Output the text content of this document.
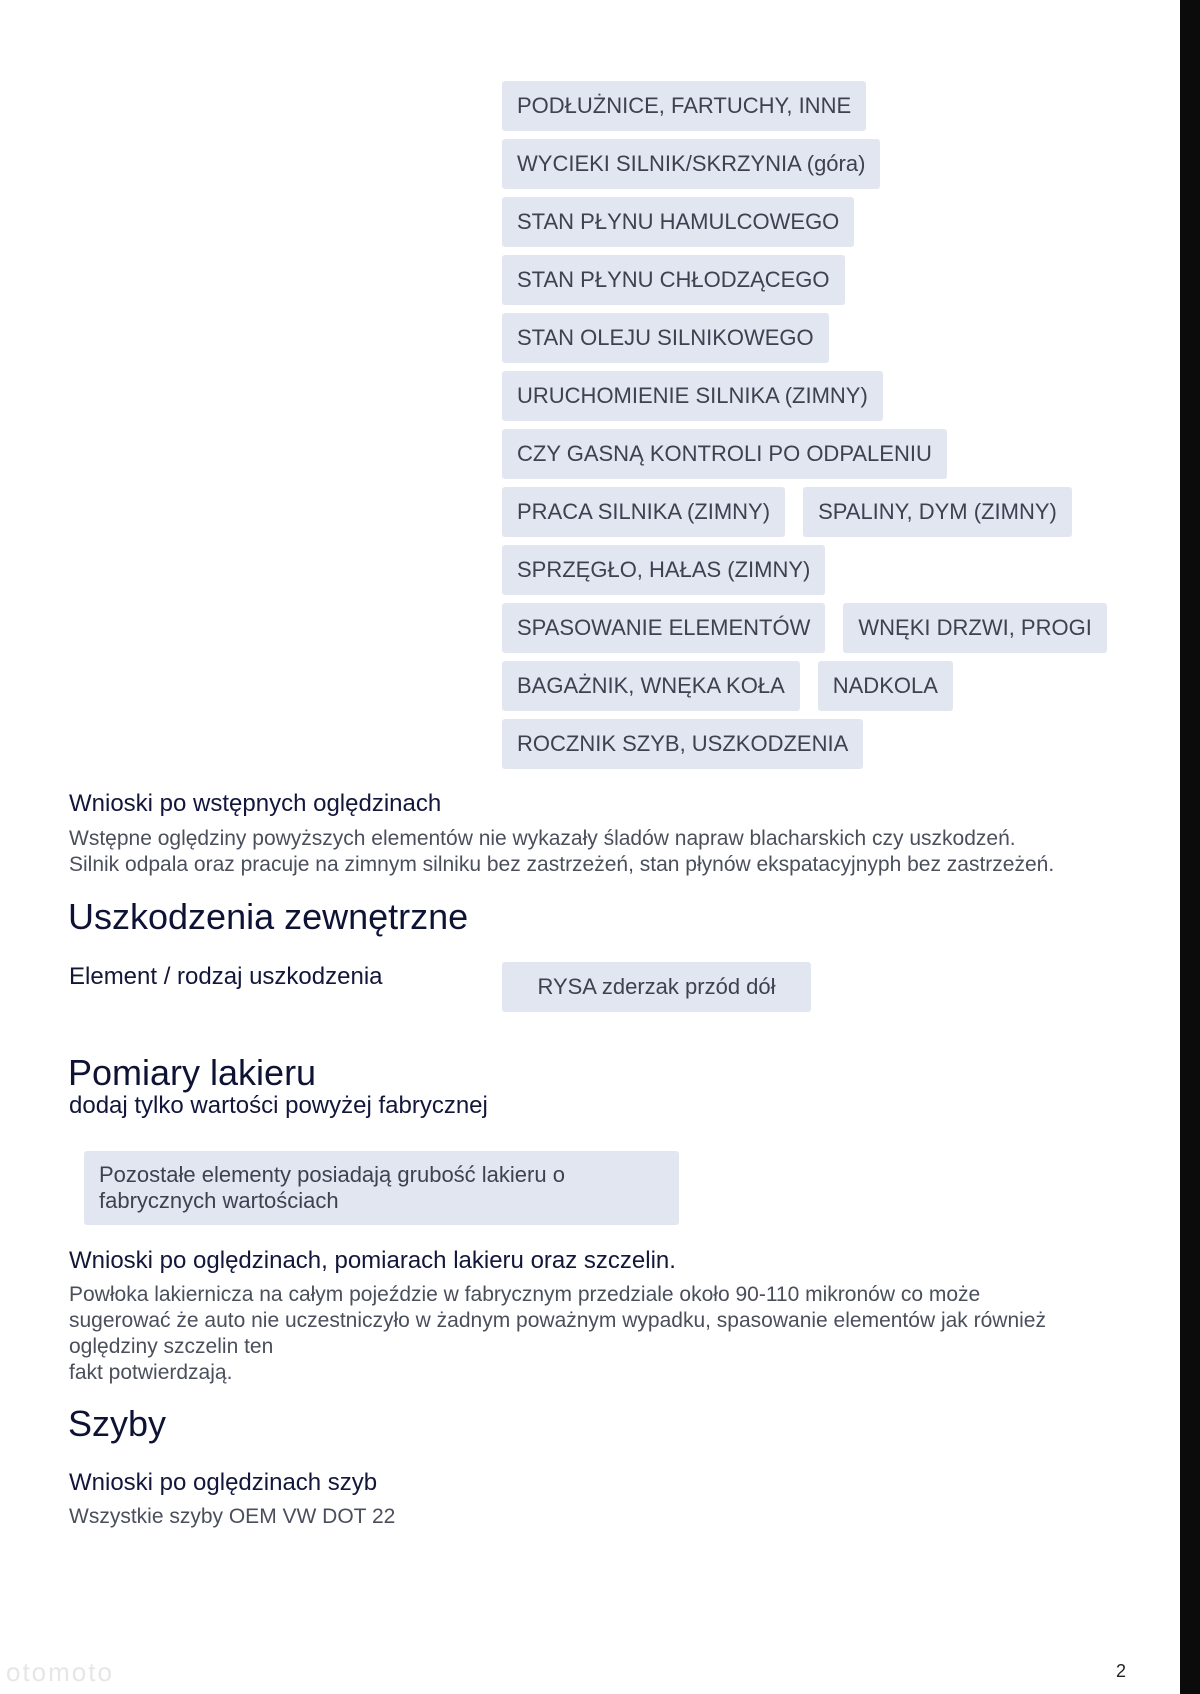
PODŁUŻNICE, FARTUCHY, INNE
WYCIEKI SILNIK/SKRZYNIA (góra)
STAN PŁYNU HAMULCOWEGO
STAN PŁYNU CHŁODZĄCEGO
STAN OLEJU SILNIKOWEGO
URUCHOMIENIE SILNIKA (ZIMNY)
CZY GASNĄ KONTROLI PO ODPALENIU
PRACA SILNIKA (ZIMNY)	SPALINY, DYM (ZIMNY)
SPRZĘGŁO, HAŁAS (ZIMNY)
SPASOWANIE ELEMENTÓW	WNĘKI DRZWI, PROGI
BAGAŻNIK, WNĘKA KOŁA	NADKOLA
ROCZNIK SZYB, USZKODZENIA
Wnioski po wstępnych oględzinach

Wstępne oględziny powyższych elementów nie wykazały śladów napraw blacharskich czy uszkodzeń.

Silnik odpala oraz pracuje na zimnym silniku bez zastrzeżeń, stan płynów ekspatacyjnyph bez zastrzeżeń.

Uszkodzenia zewnętrzne
Element / rodzaj uszkodzenia	RYSA zderzak przód dół
Pomiary lakieru
dodaj tylko wartości powyżej fabrycznej
Pozostałe elementy posiadają grubość lakieru o
fabrycznych wartościach
Wnioski po oględzinach, pomiarach lakieru oraz szczelin.

Powłoka lakiernicza na całym pojeździe w fabrycznym przedziale około 90-110 mikronów co może

sugerować że auto nie uczestniczyło w żadnym poważnym wypadku, spasowanie elementów jak również

oględziny szczelin ten

fakt potwierdzają.

Szyby
Wnioski po oględzinach szyb
Wszystkie szyby OEM VW DOT 22
otomoto	2
